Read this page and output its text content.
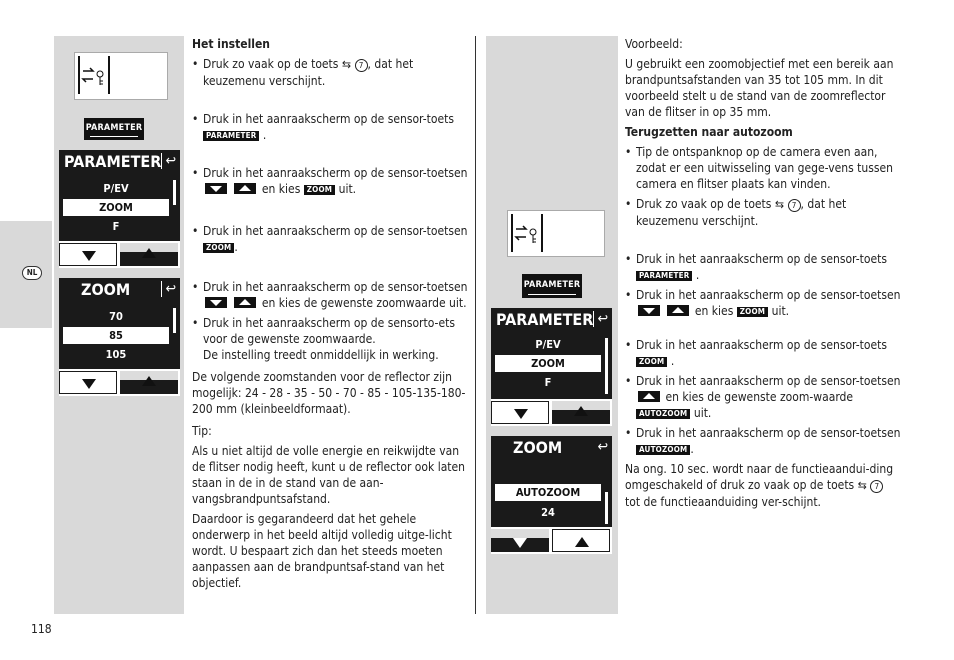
NL
118
PARAMETER
PARAMETER ↩
P/EV
ZOOM
F
ZOOM	↩
70
85
105
PARAMETER
PARAMETER ↩
P/EV
ZOOM
F
ZOOM	↩
AUTOZOOM
24

Het instellen

• Druk zo vaak op de toets ⇆ 7 , dat het keuzemenu verschijnt.

• Druk in het aanraakscherm op de sensor-toets PARAMETER .

• Druk in het aanraakscherm op de sensor-toetsen   en kies ZOOM uit.

• Druk in het aanraakscherm op de sensor-toetsen ZOOM .

• Druk in het aanraakscherm op de sensor-toetsen   en kies de gewenste zoomwaarde uit.

• Druk in het aanraakscherm op de sensorto-ets voor de gewenste zoomwaarde.
De instelling treedt onmiddellijk in werking.

De volgende zoomstanden voor de reflector zijn mogelijk: 24 - 28 - 35 - 50 - 70 - 85 - 105-135-180-200 mm (kleinbeeldformaat).

Tip:

Als u niet altijd de volle energie en reikwijdte van de flitser nodig heeft, kunt u de reflector ook laten staan in de in de stand van de aan-vangsbrandpuntsafstand.

Daardoor is gegarandeerd dat het gehele onderwerp in het beeld altijd volledig uitge-licht wordt. U bespaart zich dan het steeds moeten aanpassen aan de brandpuntsaf-stand van het objectief.

Voorbeeld:

U gebruikt een zoomobjectief met een bereik aan brandpuntsafstanden van 35 tot 105 mm. In dit voorbeeld stelt u de stand van de zoomreflector van de flitser in op 35 mm.

Terugzetten naar autozoom

• Tip de ontspanknop op de camera even aan, zodat er een uitwisseling van gege-vens tussen camera en flitser plaats kan vinden.

• Druk zo vaak op de toets ⇆ 7 , dat het keuzemenu verschijnt.

• Druk in het aanraakscherm op de sensor-toets PARAMETER .

• Druk in het aanraakscherm op de sensor-toetsen   en kies ZOOM uit.

• Druk in het aanraakscherm op de sensor-toets ZOOM .

• Druk in het aanraakscherm op de sensor-toetsen  en kies de gewenste zoom-waarde AUTOZOOM uit.

• Druk in het aanraakscherm op de sensor-toetsen AUTOZOOM .

Na ong. 10 sec. wordt naar de functieaandui-ding omgeschakeld of druk zo vaak op de toets ⇆ 7 tot de functieaanduiding ver-schijnt.
